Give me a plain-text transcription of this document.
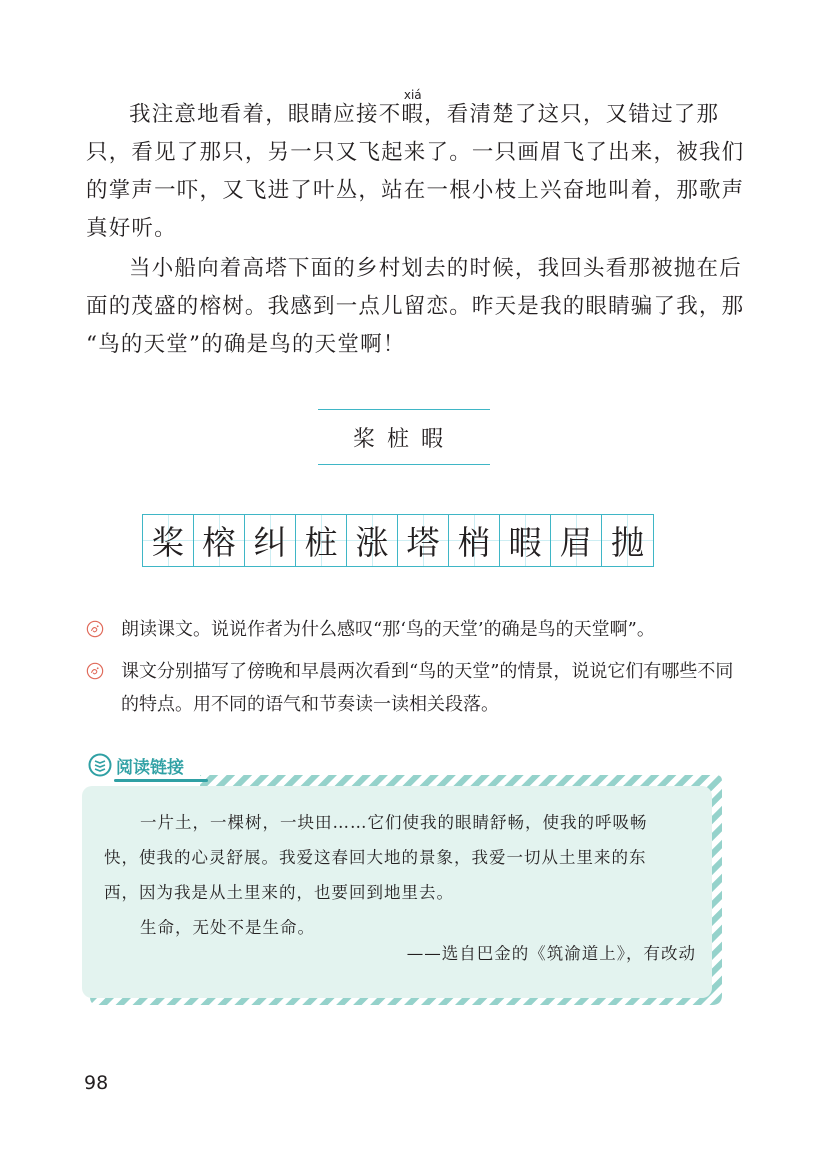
我注意地看着，眼睛应接不
xiá
暇，看清楚了这只，又错过了那
只，看见了那只，另一只又飞起来了。一只画眉飞了出来，被我们
的掌声一吓，又飞进了叶丛，站在一根小枝上兴奋地叫着，那歌声
真好听。
当小船向着高塔下面的乡村划去的时候，我回头看那被抛在后
面的茂盛的榕树。我感到一点儿留恋。昨天是我的眼睛骗了我，那
“鸟的天堂”的确是鸟的天堂啊！
桨桩暇
桨 榕 纠 桩 涨 塔 梢 暇 眉 抛
朗读课文。说说作者为什么感叹“那‘鸟的天堂’的确是鸟的天堂啊”。
课文分别描写了傍晚和早晨两次看到“鸟的天堂”的情景，说说它们有哪些不同的特点。用不同的语气和节奏读一读相关段落。
阅读链接
一片土，一棵树，一块田……它们使我的眼睛舒畅，使我的呼吸畅
快，使我的心灵舒展。我爱这春回大地的景象，我爱一切从土里来的东
西，因为我是从土里来的，也要回到地里去。
生命，无处不是生命。
——选自巴金的《筑渝道上》，有改动
98
